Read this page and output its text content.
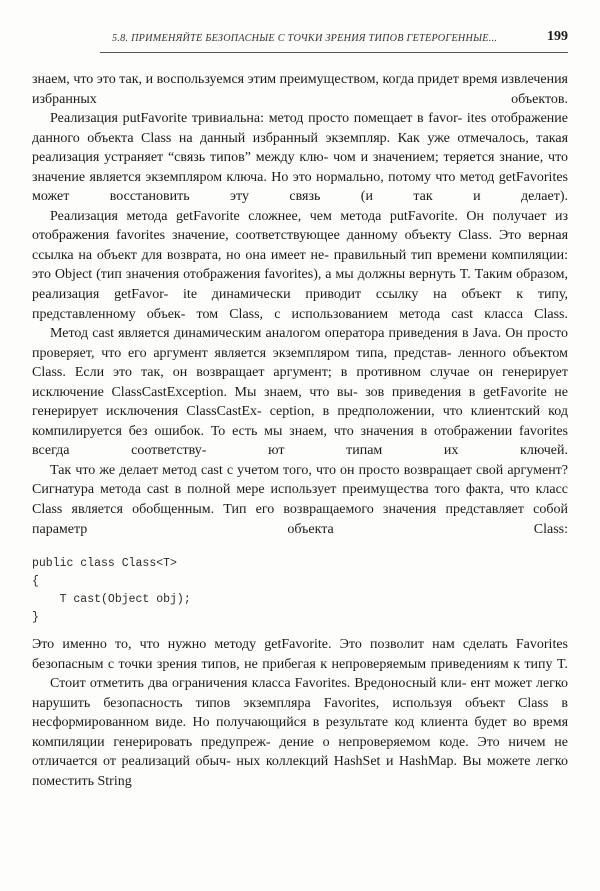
5.8. ПРИМЕНЯЙТЕ БЕЗОПАСНЫЕ С ТОЧКИ ЗРЕНИЯ ТИПОВ ГЕТЕРОГЕННЫЕ...	199

знаем, что это так, и воспользуемся этим преимуществом, когда придет время извлечения избранных объектов.

Реализация putFavorite тривиальна: метод просто помещает в favor- ites отображение данного объекта Class на данный избранный экземпляр. Как уже отмечалось, такая реализация устраняет “связь типов” между клю- чом и значением; теряется знание, что значение является экземпляром ключа. Но это нормально, потому что метод getFavorites может восстановить эту	связь (и так и делает).

Реализация метода getFavorite сложнее, чем метода putFavorite. Он получает из отображения favorites значение, соответствующее данному объекту Class. Это верная ссылка на объект для возврата, но она имеет не- правильный тип времени компиляции: это Object (тип значения отображения favorites), а мы должны вернуть T. Таким образом, реализация getFavor- ite динамически приводит ссылку на объект к типу, представленному объек- том Class, с использованием метода cast класса Class.

Метод cast является динамическим аналогом оператора приведения в Java. Он просто проверяет, что его аргумент является экземпляром типа, представ- ленного объектом Class. Если это так, он возвращает аргумент; в противном случае он генерирует исключение ClassCastException. Мы знаем, что вы- зов приведения в getFavorite не генерирует исключения ClassCastEx- ception, в предположении, что клиентский код компилируется без ошибок. То есть мы знаем, что значения в отображении favorites всегда соответству-	ют типам их ключей.

Так что же делает метод cast с учетом того, что он просто возвращает свой аргумент? Сигнатура метода cast в полной мере использует преимущества того факта, что класс Class является обобщенным. Тип его возвращаемого значения представляет собой параметр объекта Class:

public class Class<T>
{
T cast(Object obj);
}

Это именно то, что нужно методу getFavorite. Это позволит нам сделать Favorites безопасным с точки зрения типов, не прибегая к непроверяемым приведениям к типу T.

Стоит отметить два ограничения класса Favorites. Вредоносный кли- ент может легко нарушить безопасность типов экземпляра Favorites, используя объект Class в несформированном виде. Но получающийся в результате код клиента будет во время компиляции генерировать предупреж- дение о непроверяемом коде. Это ничем не отличается от реализаций обыч- ных коллекций HashSet и HashMap. Вы можете легко поместить String
